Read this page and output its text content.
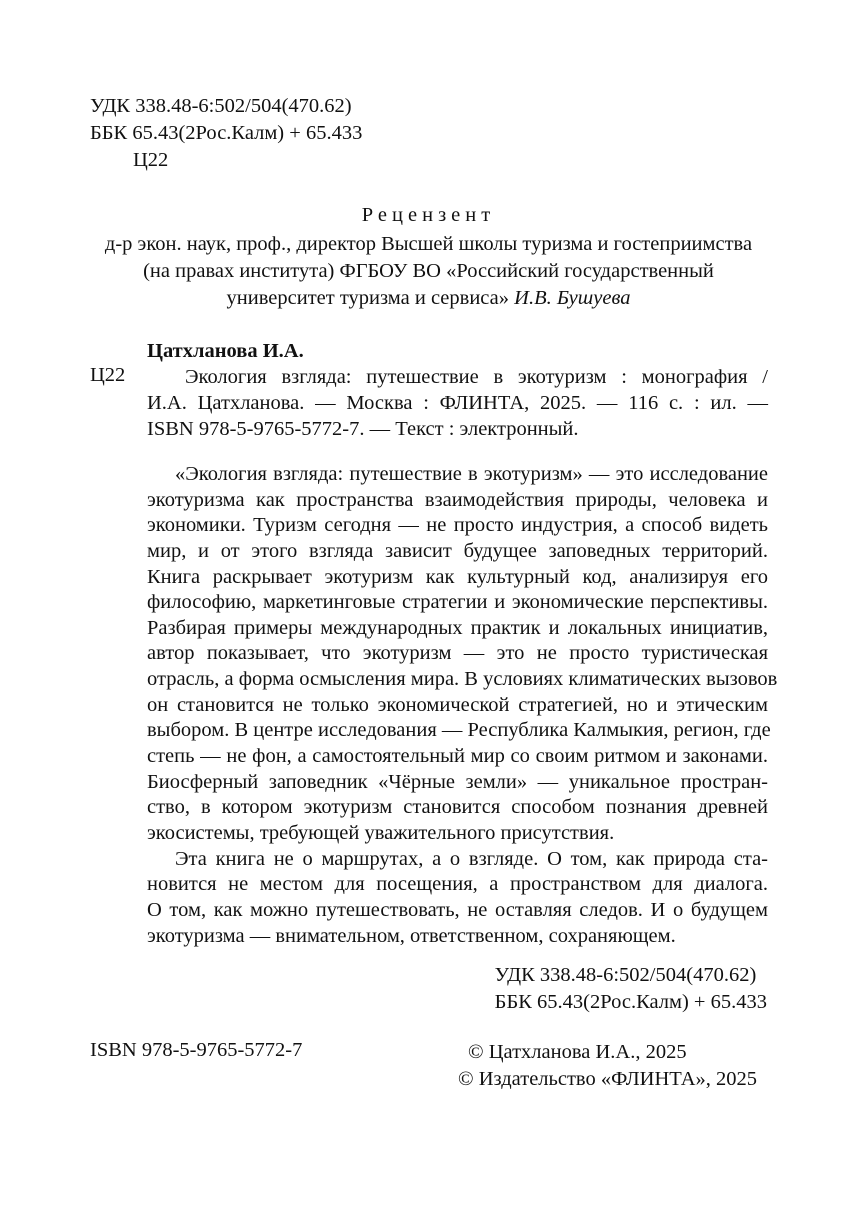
УДК 338.48-6:502/504(470.62)
ББК 65.43(2Рос.Калм) + 65.433
Ц22
Рецензент
д-р экон. наук, проф., директор Высшей школы туризма и гостеприимства
(на правах института) ФГБОУ ВО «Российский государственный
университет туризма и сервиса» И.В. Бушуева
Цатхланова И.А.
Ц22	Экология взгляда: путешествие в экотуризм : монография /
И.А. Цатхланова. — Москва : ФЛИНТА, 2025. — 116 с. : ил. —
ISBN 978-5-9765-5772-7. — Текст : электронный.
«Экология взгляда: путешествие в экотуризм» — это исследование
экотуризма как пространства взаимодействия природы, человека и
экономики. Туризм сегодня — не просто индустрия, а способ видеть
мир, и от этого взгляда зависит будущее заповедных территорий.
Книга раскрывает экотуризм как культурный код, анализируя его
философию, маркетинговые стратегии и экономические перспективы.
Разбирая примеры международных практик и локальных инициатив,
автор показывает, что экотуризм — это не просто туристическая
отрасль, а форма осмысления мира. В условиях климатических вызовов
он становится не только экономической стратегией, но и этическим
выбором. В центре исследования — Республика Калмыкия, регион, где
степь — не фон, а самостоятельный мир со своим ритмом и законами.
Биосферный заповедник «Чёрные земли» — уникальное простран-
ство, в котором экотуризм становится способом познания древней
экосистемы, требующей уважительного присутствия.
Эта книга не о маршрутах, а о взгляде. О том, как природа ста-
новится не местом для посещения, а пространством для диалога.
О том, как можно путешествовать, не оставляя следов. И о будущем
экотуризма — внимательном, ответственном, сохраняющем.
УДК 338.48-6:502/504(470.62)
ББК 65.43(2Рос.Калм) + 65.433
ISBN 978-5-9765-5772-7	© Цатхланова И.А., 2025
© Издательство «ФЛИНТА», 2025
